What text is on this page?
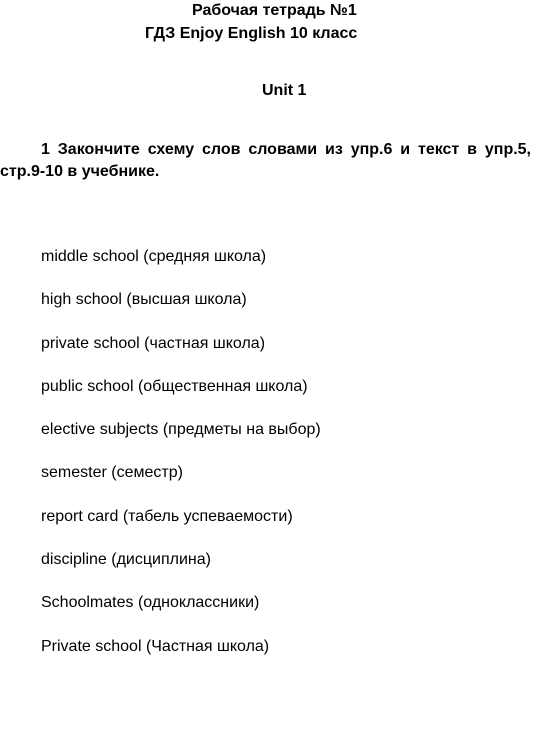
Рабочая тетрадь №1
ГДЗ Enjoy English 10 класс
Unit 1
1 Закончите схему слов словами из упр.6 и текст в упр.5, стр.9-10 в учебнике.
middle school (средняя школа)
high school (высшая школа)
private school (частная школа)
public school (общественная школа)
elective subjects (предметы на выбор)
semester (семестр)
report card (табель успеваемости)
discipline (дисциплина)
Schoolmates (одноклассники)
Private school (Частная школа)
